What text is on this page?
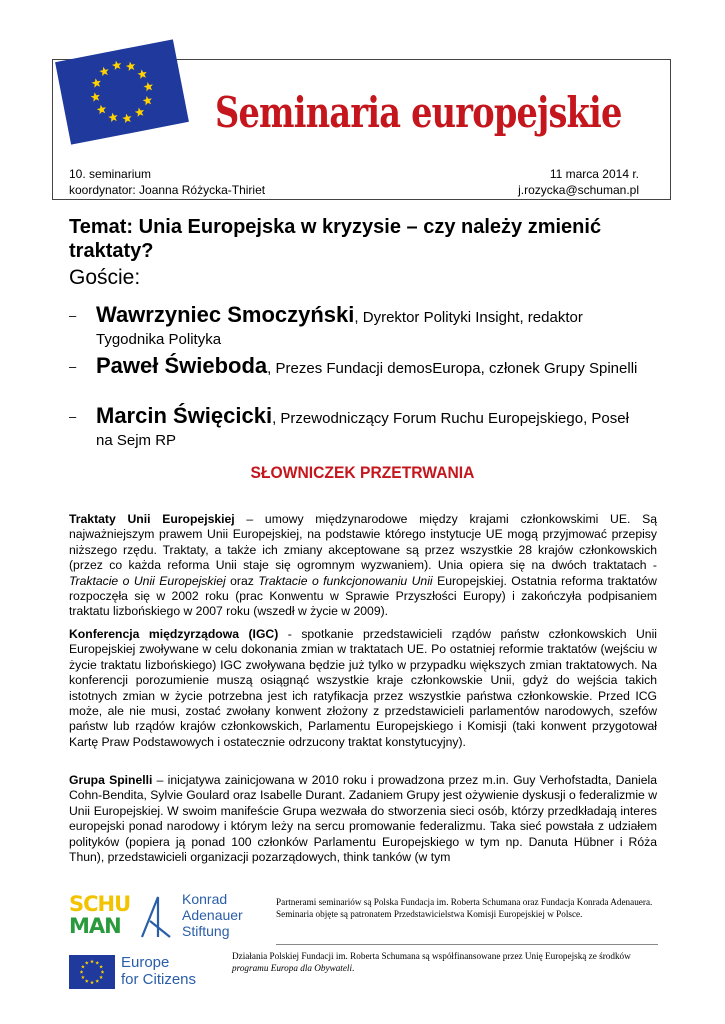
Seminaria europejskie
10. seminarium	11 marca 2014 r.
koordynator: Joanna Różycka-Thiriet	j.rozycka@schuman.pl
Temat: Unia Europejska w kryzysie – czy należy zmienić traktaty?
Goście:
– Wawrzyniec Smoczyński, Dyrektor Polityki Insight, redaktor Tygodnika Polityka
– Paweł Świeboda, Prezes Fundacji demosEuropa, członek Grupy Spinelli
– Marcin Święcicki, Przewodniczący Forum Ruchu Europejskiego, Poseł na Sejm RP
SŁOWNICZEK PRZETRWANIA
Traktaty Unii Europejskiej – umowy międzynarodowe między krajami członkowskimi UE. Są najważniejszym prawem Unii Europejskiej, na podstawie którego instytucje UE mogą przyjmować przepisy niższego rzędu. Traktaty, a także ich zmiany akceptowane są przez wszystkie 28 krajów członkowskich (przez co każda reforma Unii staje się ogromnym wyzwaniem). Unia opiera się na dwóch traktatach - Traktacie o Unii Europejskiej oraz Traktacie o funkcjonowaniu Unii Europejskiej. Ostatnia reforma traktatów rozpoczęła się w 2002 roku (prac Konwentu w Sprawie Przyszłości Europy) i zakończyła podpisaniem traktatu lizbońskiego w 2007 roku (wszedł w życie w 2009).
Konferencja międzyrządowa (IGC) - spotkanie przedstawicieli rządów państw członkowskich Unii Europejskiej zwoływane w celu dokonania zmian w traktatach UE. Po ostatniej reformie traktatów (wejściu w życie traktatu lizbońskiego) IGC zwoływana będzie już tylko w przypadku większych zmian traktatowych. Na konferencji porozumienie muszą osiągnąć wszystkie kraje członkowskie Unii, gdyż do wejścia takich istotnych zmian w życie potrzebna jest ich ratyfikacja przez wszystkie państwa członkowskie. Przed ICG może, ale nie musi, zostać zwołany konwent złożony z przedstawicieli parlamentów narodowych, szefów państw lub rządów krajów członkowskich, Parlamentu Europejskiego i Komisji (taki konwent przygotował Kartę Praw Podstawowych i ostatecznie odrzucony traktat konstytucyjny).
Grupa Spinelli – inicjatywa zainicjowana w 2010 roku i prowadzona przez m.in. Guy Verhofstadta, Daniela Cohn-Bendita, Sylvie Goulard oraz Isabelle Durant. Zadaniem Grupy jest ożywienie dyskusji o federalizmie w Unii Europejskiej. W swoim manifeście Grupa wezwała do stworzenia sieci osób, którzy przedkładają interes europejski ponad narodowy i którym leży na sercu promowanie federalizmu. Taka sieć powstała z udziałem polityków (popiera ją ponad 100 członków Parlamentu Europejskiego w tym np. Danuta Hübner i Róża Thun), przedstawicieli organizacji pozarządowych, think tanków (w tym
SCHU
MAN
Konrad
Adenauer
Stiftung
Europe
for Citizens
Partnerami seminariów są Polska Fundacja im. Roberta Schumana oraz Fundacja Konrada Adenauera. Seminaria objęte są patronatem Przedstawicielstwa Komisji Europejskiej w Polsce.
Działania Polskiej Fundacji im. Roberta Schumana są współfinansowane przez Unię Europejską ze środków programu Europa dla Obywateli.
